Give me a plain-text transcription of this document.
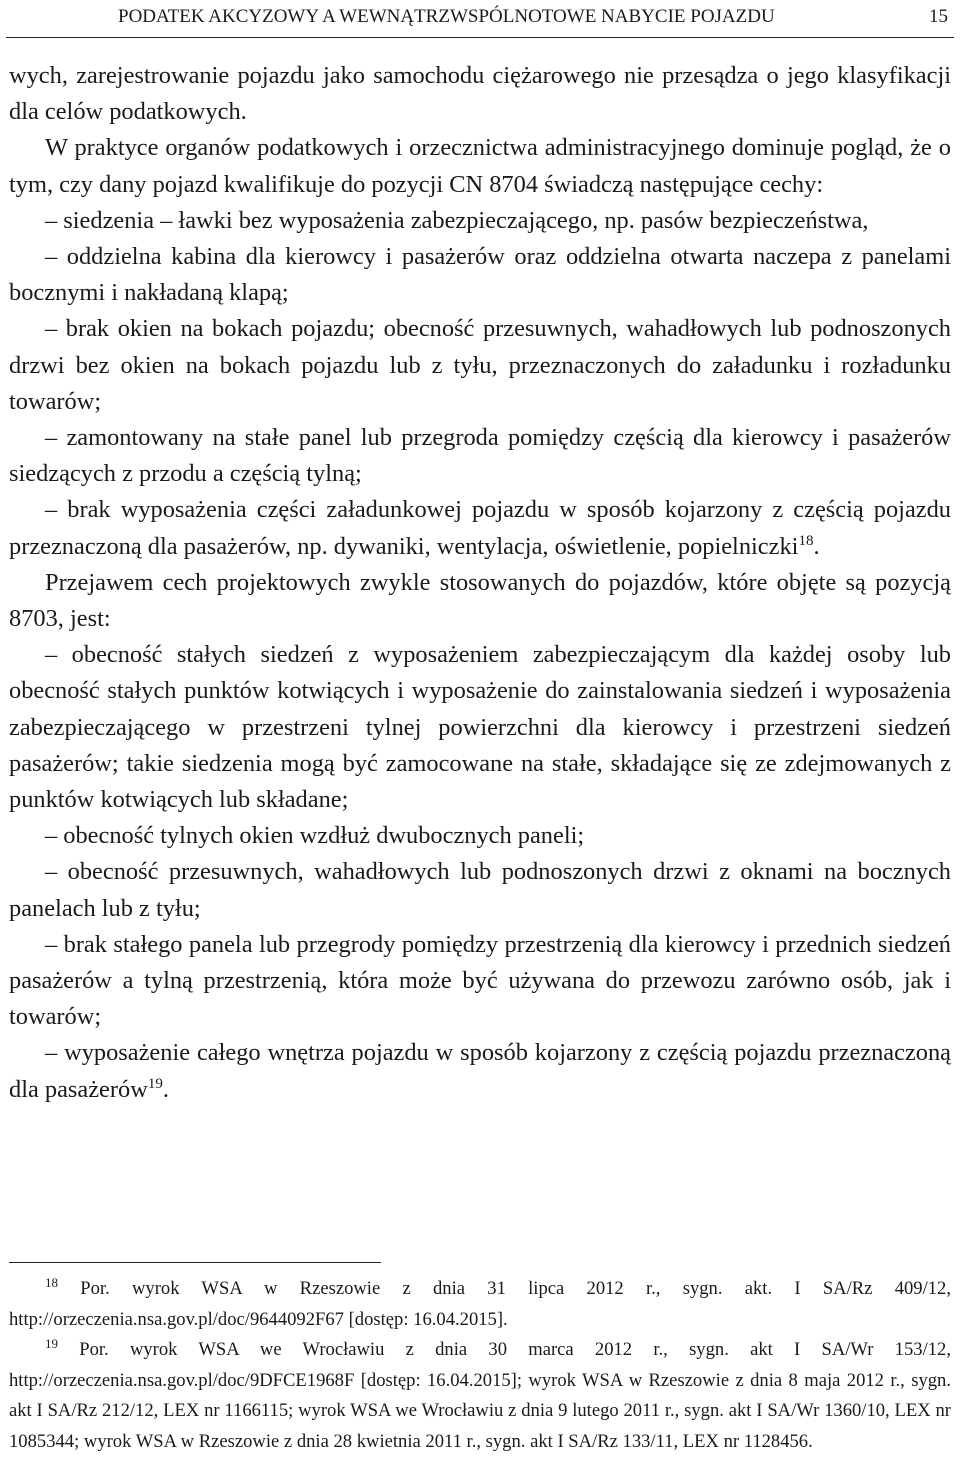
PODATEK AKCYZOWY A WEWNĄTRZWSPÓLNOTOWE NABYCIE POJAZDU	15

wych, zarejestrowanie pojazdu jako samochodu ciężarowego nie przesądza o jego klasyfikacji dla celów podatkowych.

W praktyce organów podatkowych i orzecznictwa administracyjnego dominuje pogląd, że o tym, czy dany pojazd kwalifikuje do pozycji CN 8704 świadczą następujące cechy:

– siedzenia – ławki bez wyposażenia zabezpieczającego, np. pasów bezpieczeństwa,

– oddzielna kabina dla kierowcy i pasażerów oraz oddzielna otwarta naczepa z panelami bocznymi i nakładaną klapą;

– brak okien na bokach pojazdu; obecność przesuwnych, wahadłowych lub podnoszonych drzwi bez okien na bokach pojazdu lub z tyłu, przeznaczonych do załadunku i rozładunku towarów;

– zamontowany na stałe panel lub przegroda pomiędzy częścią dla kierowcy i pasażerów siedzących z przodu a częścią tylną;

– brak wyposażenia części załadunkowej pojazdu w sposób kojarzony z częścią pojazdu przeznaczoną dla pasażerów, np. dywaniki, wentylacja, oświetlenie, popielniczki$^{18}$.

Przejawem cech projektowych zwykle stosowanych do pojazdów, które objęte są pozycją 8703, jest:

– obecność stałych siedzeń z wyposażeniem zabezpieczającym dla każdej osoby lub obecność stałych punktów kotwiących i wyposażenie do zainstalowania siedzeń i wyposażenia zabezpieczającego w przestrzeni tylnej powierzchni dla kierowcy i przestrzeni siedzeń pasażerów; takie siedzenia mogą być zamocowane na stałe, składające się ze zdejmowanych z punktów kotwiących lub składane;

– obecność tylnych okien wzdłuż dwubocznych paneli;

– obecność przesuwnych, wahadłowych lub podnoszonych drzwi z oknami na bocznych panelach lub z tyłu;

– brak stałego panela lub przegrody pomiędzy przestrzenią dla kierowcy i przednich siedzeń pasażerów a tylną przestrzenią, która może być używana do przewozu zarówno osób, jak i towarów;

– wyposażenie całego wnętrza pojazdu w sposób kojarzony z częścią pojazdu przeznaczoną dla pasażerów$^{19}$.

$^{18}$ Por. wyrok WSA w Rzeszowie z dnia 31 lipca 2012 r., sygn. akt. I SA/Rz 409/12, http://orzeczenia.nsa.gov.pl/doc/9644092F67 [dostęp: 16.04.2015].

$^{19}$ Por. wyrok WSA we Wrocławiu z dnia 30 marca 2012 r., sygn. akt I SA/Wr 153/12, http://orzeczenia.nsa.gov.pl/doc/9DFCE1968F [dostęp: 16.04.2015]; wyrok WSA w Rzeszowie z dnia 8 maja 2012 r., sygn. akt I SA/Rz 212/12, LEX nr 1166115; wyrok WSA we Wrocławiu z dnia 9 lutego 2011 r., sygn. akt I SA/Wr 1360/10, LEX nr 1085344; wyrok WSA w Rzeszowie z dnia 28 kwietnia 2011 r., sygn. akt I SA/Rz 133/11, LEX nr 1128456.
